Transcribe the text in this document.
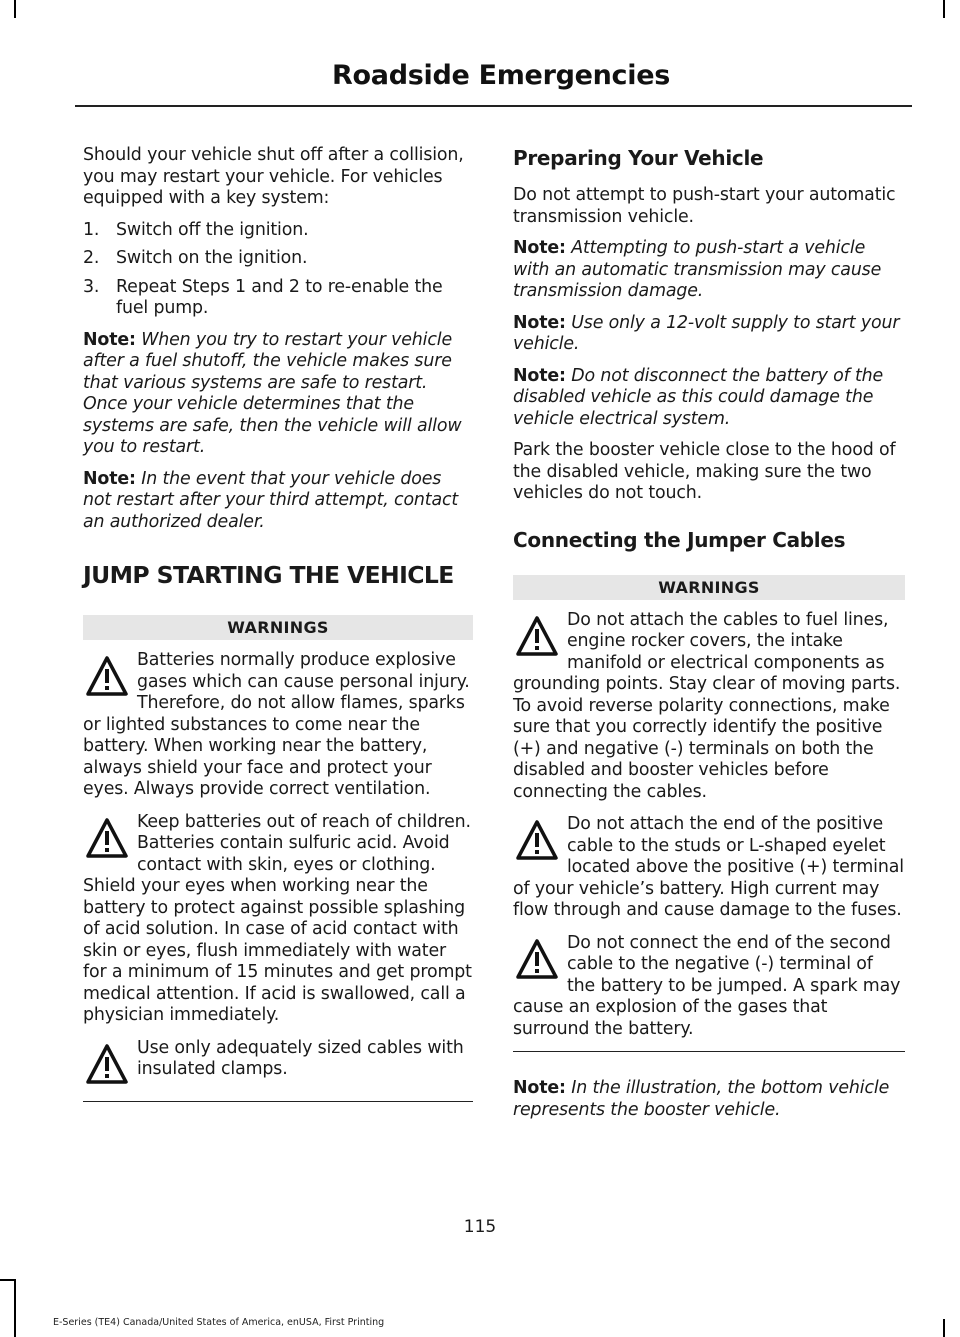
Roadside Emergencies

Should your vehicle shut off after a collision, you may restart your vehicle. For vehicles equipped with a key system:

1. Switch off the ignition.
2. Switch on the ignition.
3. Repeat Steps 1 and 2 to re-enable the fuel pump.

Note: When you try to restart your vehicle after a fuel shutoff, the vehicle makes sure that various systems are safe to restart. Once your vehicle determines that the systems are safe, then the vehicle will allow you to restart.

Note: In the event that your vehicle does not restart after your third attempt, contact an authorized dealer.

JUMP STARTING THE VEHICLE
WARNINGS

Batteries normally produce explosive gases which can cause personal injury. Therefore, do not allow flames, sparks or lighted substances to come near the battery. When working near the battery, always shield your face and protect your eyes. Always provide correct ventilation.

Keep batteries out of reach of children. Batteries contain sulfuric acid. Avoid contact with skin, eyes or clothing. Shield your eyes when working near the battery to protect against possible splashing of acid solution. In case of acid contact with skin or eyes, flush immediately with water for a minimum of 15 minutes and get prompt medical attention. If acid is swallowed, call a physician immediately.

Use only adequately sized cables with insulated clamps.

Preparing Your Vehicle

Do not attempt to push-start your automatic transmission vehicle.

Note: Attempting to push-start a vehicle with an automatic transmission may cause transmission damage.

Note: Use only a 12-volt supply to start your vehicle.

Note: Do not disconnect the battery of the disabled vehicle as this could damage the vehicle electrical system.

Park the booster vehicle close to the hood of the disabled vehicle, making sure the two vehicles do not touch.

Connecting the Jumper Cables
WARNINGS

Do not attach the cables to fuel lines, engine rocker covers, the intake manifold or electrical components as grounding points. Stay clear of moving parts. To avoid reverse polarity connections, make sure that you correctly identify the positive (+) and negative (-) terminals on both the disabled and booster vehicles before connecting the cables.

Do not attach the end of the positive cable to the studs or L-shaped eyelet located above the positive (+) terminal of your vehicle’s battery. High current may flow through and cause damage to the fuses.

Do not connect the end of the second cable to the negative (-) terminal of the battery to be jumped. A spark may cause an explosion of the gases that surround the battery.

Note: In the illustration, the bottom vehicle represents the booster vehicle.

115
E-Series (TE4) Canada/United States of America, enUSA, First Printing
